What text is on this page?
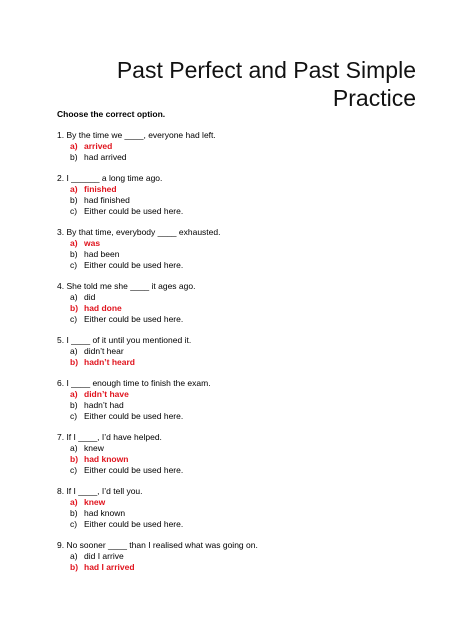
Past Perfect and Past Simple
Practice
Choose the correct option.
1. By the time we ____, everyone had left.
a) arrived
b) had arrived
2. I ______ a long time ago.
a) finished
b) had finished
c) Either could be used here.
3. By that time, everybody ____ exhausted.
a) was
b) had been
c) Either could be used here.
4. She told me she ____ it ages ago.
a) did
b) had done
c) Either could be used here.
5. I ____ of it until you mentioned it.
a) didn’t hear
b) hadn’t heard
6. I ____ enough time to finish the exam.
a) didn’t have
b) hadn’t had
c) Either could be used here.
7. If I ____, I’d have helped.
a) knew
b) had known
c) Either could be used here.
8. If I ____, I’d tell you.
a) knew
b) had known
c) Either could be used here.
9. No sooner ____ than I realised what was going on.
a) did I arrive
b) had I arrived
